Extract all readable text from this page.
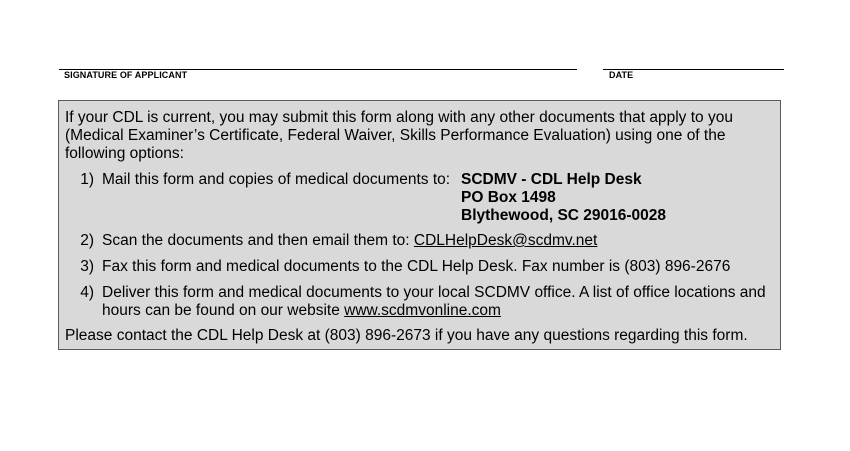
SIGNATURE OF APPLICANT	DATE
If your CDL is current, you may submit this form along with any other documents that apply to you
(Medical Examiner’s Certificate, Federal Waiver, Skills Performance Evaluation) using one of the
following options:
1) Mail this form and copies of medical documents to: SCDMV - CDL Help Desk
PO Box 1498
Blythewood, SC 29016-0028
2) Scan the documents and then email them to: CDLHelpDesk@scdmv.net
3) Fax this form and medical documents to the CDL Help Desk. Fax number is (803) 896-2676
4) Deliver this form and medical documents to your local SCDMV office. A list of office locations and
hours can be found on our website www.scdmvonline.com
Please contact the CDL Help Desk at (803) 896-2673 if you have any questions regarding this form.
